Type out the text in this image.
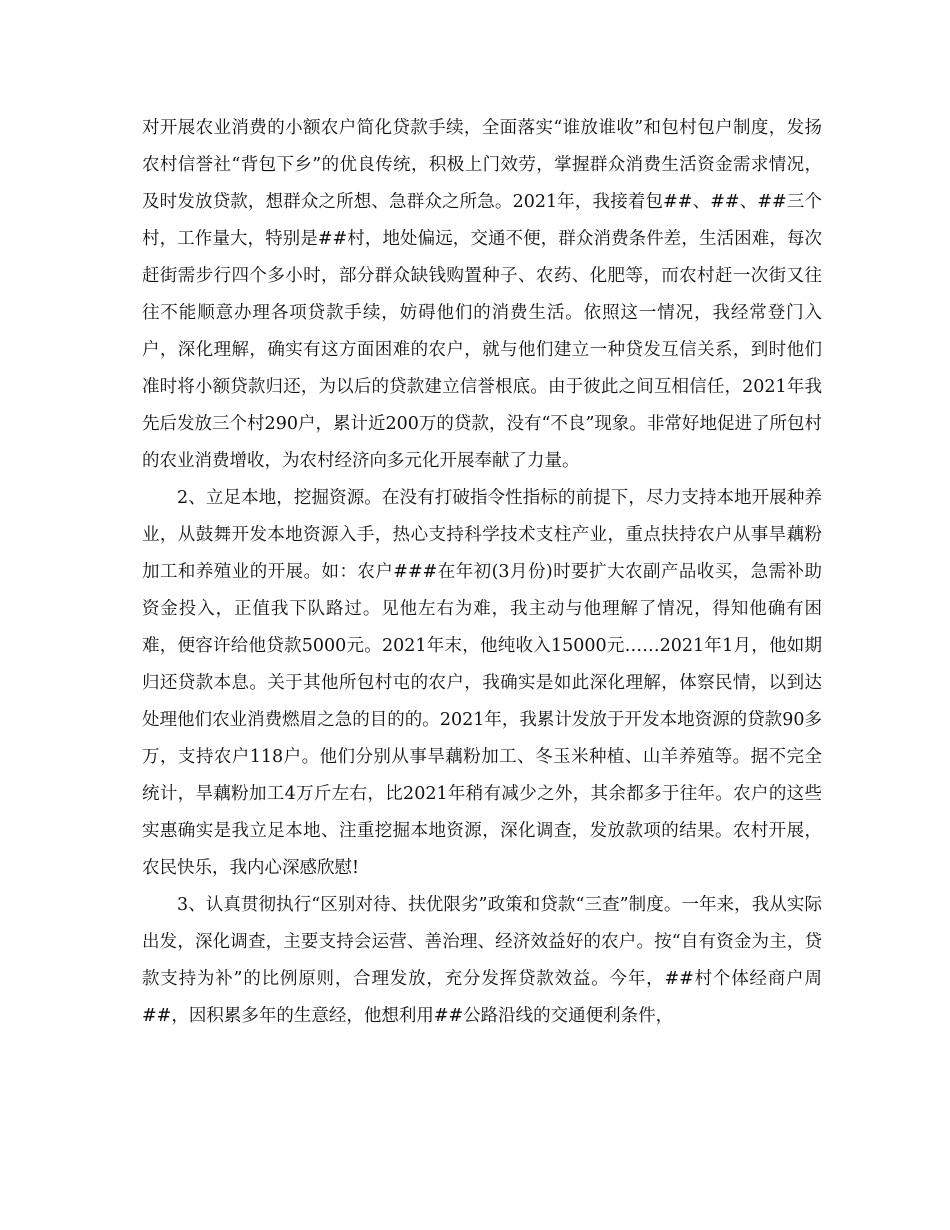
对开展农业消费的小额农户简化贷款手续，全面落实“谁放谁收”和包村包户制度，发扬农村信誉社“背包下乡”的优良传统，积极上门效劳，掌握群众消费生活资金需求情况，及时发放贷款，想群众之所想、急群众之所急。2021年，我接着包##、##、##三个村，工作量大，特别是##村，地处偏远，交通不便，群众消费条件差，生活困难，每次赶街需步行四个多小时，部分群众缺钱购置种子、农药、化肥等，而农村赶一次街又往往不能顺意办理各项贷款手续，妨碍他们的消费生活。依照这一情况，我经常登门入户，深化理解，确实有这方面困难的农户，就与他们建立一种贷发互信关系，到时他们准时将小额贷款归还，为以后的贷款建立信誉根底。由于彼此之间互相信任，2021年我先后发放三个村290户，累计近200万的贷款，没有“不良”现象。非常好地促进了所包村的农业消费增收，为农村经济向多元化开展奉献了力量。

2、立足本地，挖掘资源。在没有打破指令性指标的前提下，尽力支持本地开展种养业，从鼓舞开发本地资源入手，热心支持科学技术支柱产业，重点扶持农户从事旱藕粉加工和养殖业的开展。如：农户###在年初(3月份)时要扩大农副产品收买，急需补助资金投入，正值我下队路过。见他左右为难，我主动与他理解了情况，得知他确有困难，便容许给他贷款5000元。2021年末，他纯收入15000元……2021年1月，他如期归还贷款本息。关于其他所包村屯的农户，我确实是如此深化理解，体察民情，以到达处理他们农业消费燃眉之急的目的的。2021年，我累计发放于开发本地资源的贷款90多万，支持农户118户。他们分别从事旱藕粉加工、冬玉米种植、山羊养殖等。据不完全统计，旱藕粉加工4万斤左右，比2021年稍有减少之外，其余都多于往年。农户的这些实惠确实是我立足本地、注重挖掘本地资源，深化调查，发放款项的结果。农村开展，农民快乐，我内心深感欣慰!

3、认真贯彻执行“区别对待、扶优限劣”政策和贷款“三查”制度。一年来，我从实际出发，深化调查，主要支持会运营、善治理、经济效益好的农户。按“自有资金为主，贷款支持为补”的比例原则，合理发放，充分发挥贷款效益。今年，##村个体经商户周##，因积累多年的生意经，他想利用##公路沿线的交通便利条件，
